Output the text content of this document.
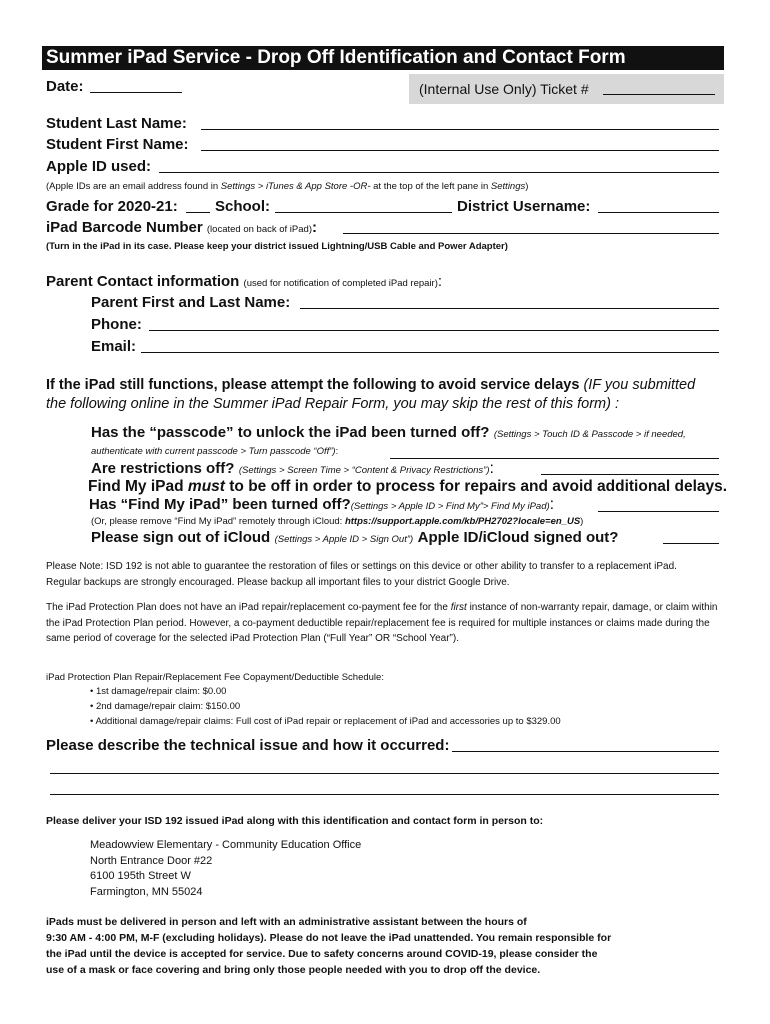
Summer iPad Service - Drop Off Identification and Contact Form
Date:	(Internal Use Only) Ticket #
Student Last Name:
Student First Name:
Apple ID used:
(Apple IDs are an email address found in Settings > iTunes & App Store -OR- at the top of the left pane in Settings)
Grade for 2020-21: School:	District Username:
iPad Barcode Number (located on back of iPad):
(Turn in the iPad in its case. Please keep your district issued Lightning/USB Cable and Power Adapter)
Parent Contact information (used for notification of completed iPad repair):
Parent First and Last Name:
Phone:
Email:
If the iPad still functions, please attempt the following to avoid service delays (IF you submitted
the following online in the Summer iPad Repair Form, you may skip the rest of this form) :
Has the “passcode” to unlock the iPad been turned off? (Settings > Touch ID & Passcode > if needed,
authenticate with current passcode > Turn passcode “Off”):
Are restrictions off? (Settings > Screen Time > “Content & Privacy Restrictions”):
Find My iPad must to be off in order to process for repairs and avoid additional delays.
Has “Find My iPad” been turned off?(Settings > Apple ID > Find My”> Find My iPad):
(Or, please remove “Find My iPad” remotely through iCloud: https://support.apple.com/kb/PH2702?locale=en_US)
Please sign out of iCloud (Settings > Apple ID > Sign Out”) Apple ID/iCloud signed out?
Please Note: ISD 192 is not able to guarantee the restoration of files or settings on this device or other ability to transfer to a replacement iPad. Regular backups are strongly encouraged. Please backup all important files to your district Google Drive.
The iPad Protection Plan does not have an iPad repair/replacement co-payment fee for the first instance of non-warranty repair, damage, or claim within the iPad Protection Plan period. However, a co-payment deductible repair/replacement fee is required for multiple instances or claims made during the same period of coverage for the selected iPad Protection Plan (“Full Year” OR “School Year”).
iPad Protection Plan Repair/Replacement Fee Copayment/Deductible Schedule:
• 1st damage/repair claim: $0.00
• 2nd damage/repair claim: $150.00
• Additional damage/repair claims: Full cost of iPad repair or replacement of iPad and accessories up to $329.00
Please describe the technical issue and how it occurred:
Please deliver your ISD 192 issued iPad along with this identification and contact form in person to:
Meadowview Elementary - Community Education Office
North Entrance Door #22
6100 195th Street W
Farmington, MN 55024
iPads must be delivered in person and left with an administrative assistant between the hours of
9:30 AM - 4:00 PM, M-F (excluding holidays). Please do not leave the iPad unattended. You remain responsible for
the iPad until the device is accepted for service. Due to safety concerns around COVID-19, please consider the
use of a mask or face covering and bring only those people needed with you to drop off the device.
